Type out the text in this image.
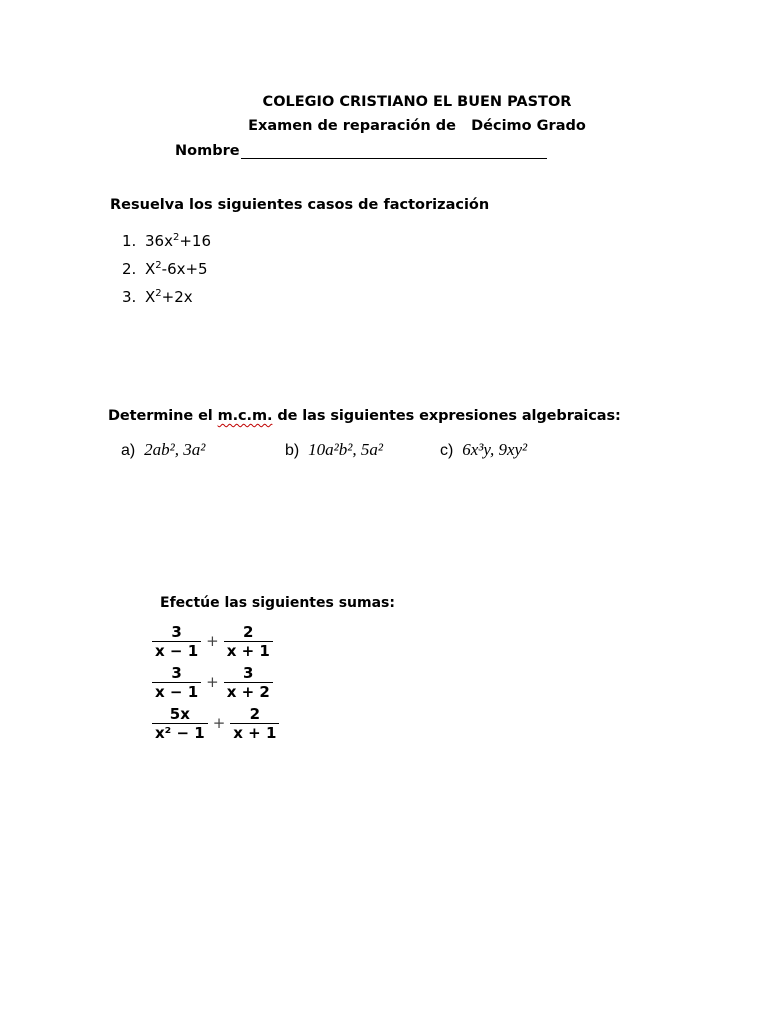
COLEGIO CRISTIANO EL BUEN PASTOR
Examen de reparación de   Décimo Grado
Nombre
Resuelva los siguientes casos de factorización
1. $36x^2+16$
2. $X^2-6x+5$
3. $X^2+2x$
Determine el m.c.m. de las siguientes expresiones algebraicas:
a) 2ab², 3a²	b) 10a²b², 5a²	c) 6x³y, 9xy²
Efectúe las siguientes sumas:
$\frac{3}{x - 1} + \frac{2}{x + 1}$
$\frac{3}{x - 1} + \frac{3}{x + 2}$
$\frac{5x}{\text{x² − 1}} + \frac{2}{x + 1}$
